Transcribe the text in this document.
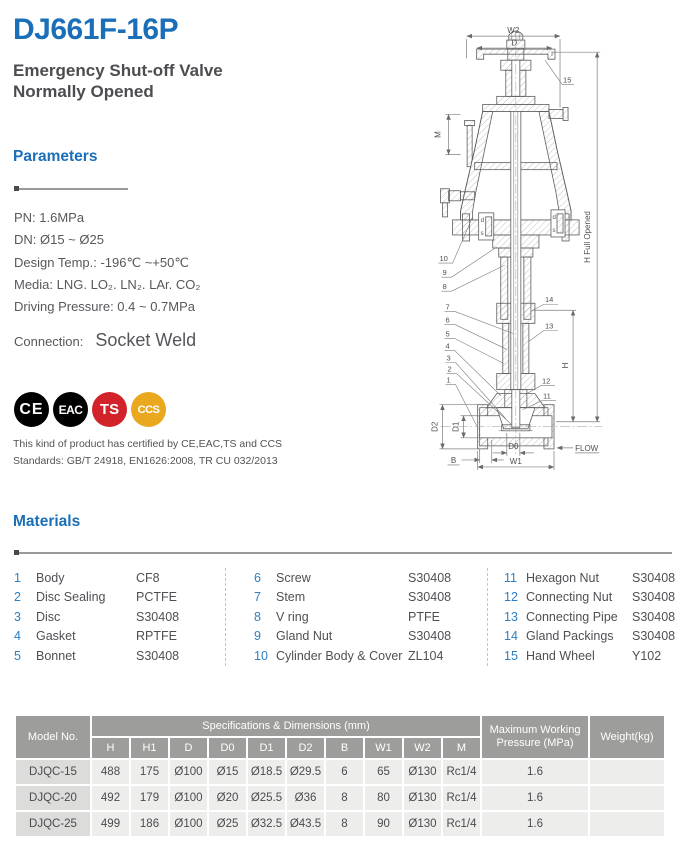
DJ661F-16P
Emergency Shut-off Valve
Normally Opened
Parameters
PN: 1.6MPa
DN: Ø15 ~ Ø25
Design Temp.: -196℃ ~+50℃
Media: LNG. LO₂. LN₂. LAr. CO₂
Driving Pressure: 0.4 ~ 0.7MPa
Connection: Socket Weld
CE	EAC	TS	CCS
This kind of product has certified by CE,EAC,TS and CCS
Standards: GB/T 24918, EN1626:2008, TR CU 032/2013
Materials
1	Body	CF8
2	Disc Sealing	PCTFE
3	Disc	S30408
4	Gasket	RPTFE
5	Bonnet	S30408
6	Screw	S30408
7	Stem	S30408
8	V ring	PTFE
9	Gland Nut	S30408
10 Cylinder Body & Cover ZL104
11 Hexagon Nut	S30408
12 Connecting Nut	S30408
13 Connecting Pipe	S30408
14 Gland Packings	S30408
15 Hand Wheel	Y102
Model No.	Specifications & Dimensions (mm)										Maximum Working Pressure (MPa)	Weight(kg)
	H	H1	D	D0	D1	D2	B	W1	W2	M		
DJQC-15	488	175	Ø100	Ø15	Ø18.5	Ø29.5	6	65	Ø130	Rc1/4	1.6	
DJQC-20	492	179	Ø100	Ø20	Ø25.5	Ø36	8	80	Ø130	Rc1/4	1.6	
DJQC-25	499	186	Ø100	Ø25	Ø32.5	Ø43.5	8	90	Ø130	Rc1/4	1.6	
d
s
d
s
W2
D
M
H Full Opened
H
D2 D1
B
D0
W1
FLOW
10
9
8
7
6
5
4
3
2
1
15
14
13
12
11
